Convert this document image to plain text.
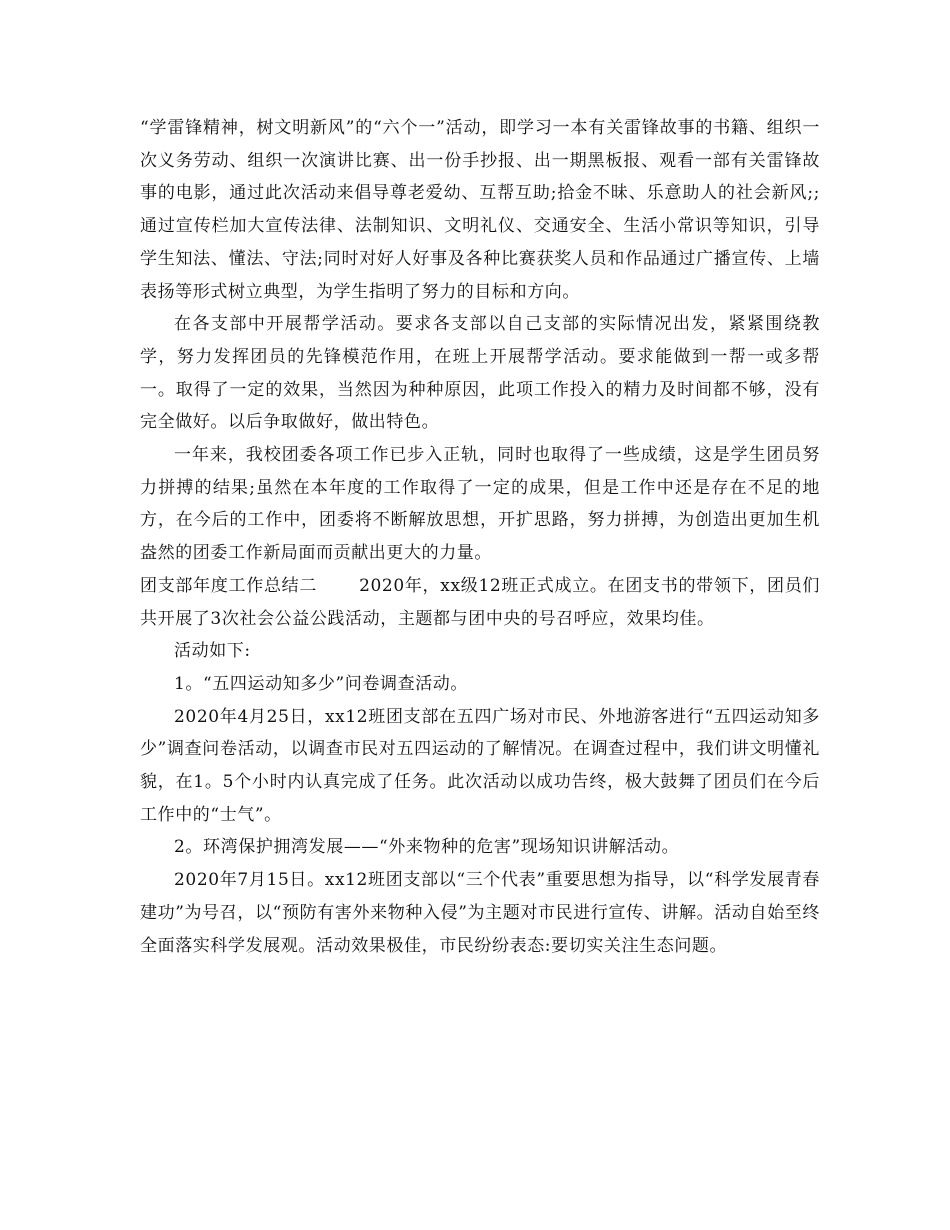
“学雷锋精神，树文明新风”的“六个一”活动，即学习一本有关雷锋故事的书籍、组织一次义务劳动、组织一次演讲比赛、出一份手抄报、出一期黑板报、观看一部有关雷锋故事的电影，通过此次活动来倡导尊老爱幼、互帮互助;拾金不昧、乐意助人的社会新风;;通过宣传栏加大宣传法律、法制知识、文明礼仪、交通安全、生活小常识等知识，引导学生知法、懂法、守法;同时对好人好事及各种比赛获奖人员和作品通过广播宣传、上墙表扬等形式树立典型，为学生指明了努力的目标和方向。

在各支部中开展帮学活动。要求各支部以自己支部的实际情况出发，紧紧围绕教学，努力发挥团员的先锋模范作用，在班上开展帮学活动。要求能做到一帮一或多帮一。取得了一定的效果，当然因为种种原因，此项工作投入的精力及时间都不够，没有完全做好。以后争取做好，做出特色。

一年来，我校团委各项工作已步入正轨，同时也取得了一些成绩，这是学生团员努力拼搏的结果;虽然在本年度的工作取得了一定的成果，但是工作中还是存在不足的地方，在今后的工作中，团委将不断解放思想，开扩思路，努力拼搏，为创造出更加生机盎然的团委工作新局面而贡献出更大的力量。

团支部年度工作总结二 2020年，xx级12班正式成立。在团支书的带领下，团员们共开展了3次社会公益公践活动，主题都与团中央的号召呼应，效果均佳。

活动如下:

1。“五四运动知多少”问卷调查活动。

2020年4月25日，xx12班团支部在五四广场对市民、外地游客进行“五四运动知多少”调查问卷活动，以调查市民对五四运动的了解情况。在调查过程中，我们讲文明懂礼貌，在1。5个小时内认真完成了任务。此次活动以成功告终，极大鼓舞了团员们在今后工作中的“士气”。

2。环湾保护拥湾发展——“外来物种的危害”现场知识讲解活动。

2020年7月15日。xx12班团支部以“三个代表”重要思想为指导，以“科学发展青春建功”为号召，以“预防有害外来物种入侵”为主题对市民进行宣传、讲解。活动自始至终全面落实科学发展观。活动效果极佳，市民纷纷表态:要切实关注生态问题。
